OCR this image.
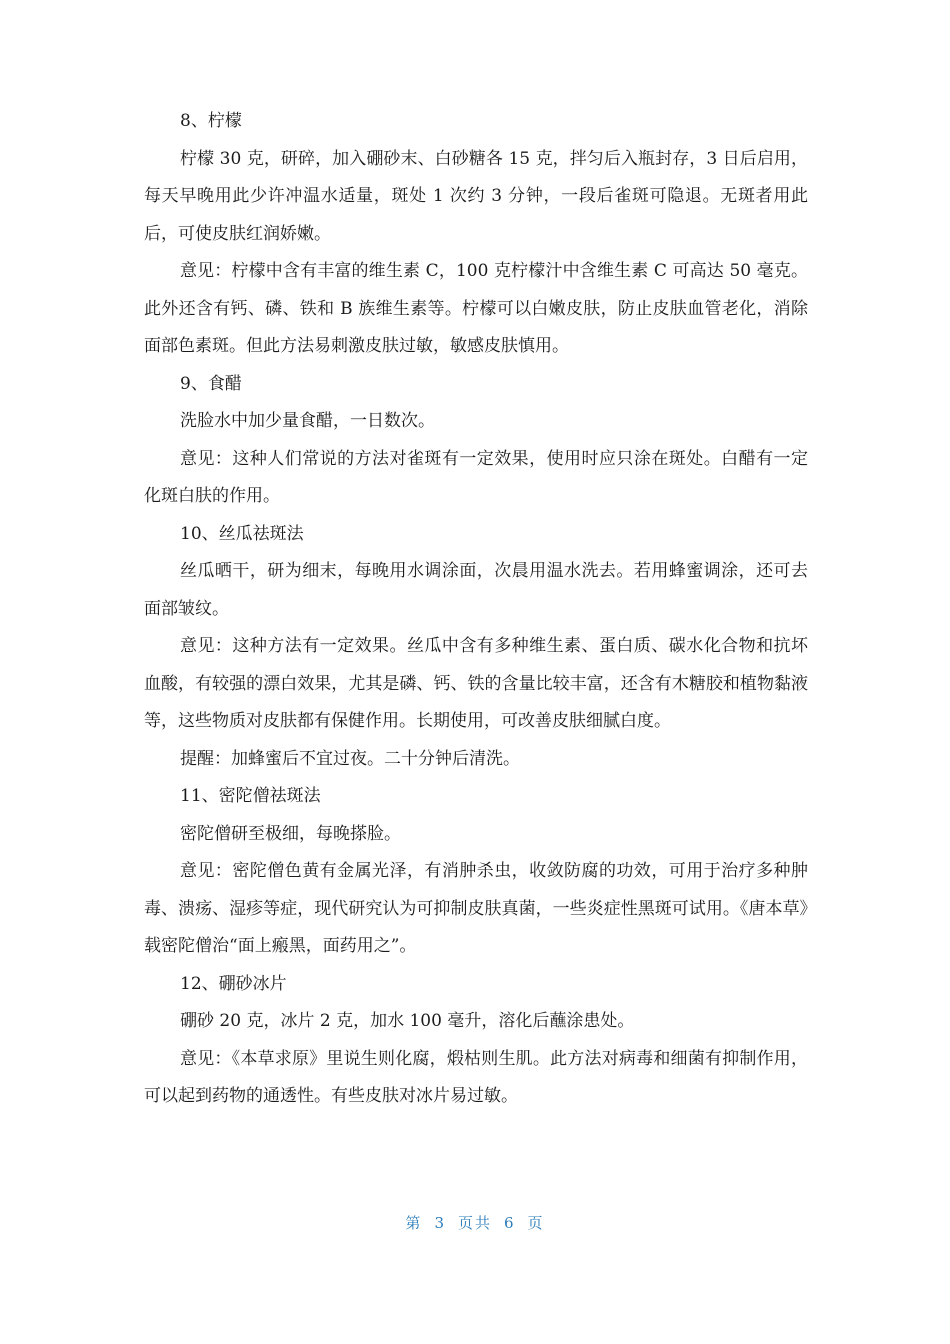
8、柠檬

柠檬 30 克，研碎，加入硼砂末、白砂糖各 15 克，拌匀后入瓶封存，3 日后启用，每天早晚用此少许冲温水适量，斑处 1 次约 3 分钟，一段后雀斑可隐退。无斑者用此后，可使皮肤红润娇嫩。

意见：柠檬中含有丰富的维生素 C，100 克柠檬汁中含维生素 C 可高达 50 毫克。此外还含有钙、磷、铁和 B 族维生素等。柠檬可以白嫩皮肤，防止皮肤血管老化，消除面部色素斑。但此方法易刺激皮肤过敏，敏感皮肤慎用。

9、食醋

洗脸水中加少量食醋，一日数次。

意见：这种人们常说的方法对雀斑有一定效果，使用时应只涂在斑处。白醋有一定化斑白肤的作用。

10、丝瓜祛斑法

丝瓜晒干，研为细末，每晚用水调涂面，次晨用温水洗去。若用蜂蜜调涂，还可去面部皱纹。

意见：这种方法有一定效果。丝瓜中含有多种维生素、蛋白质、碳水化合物和抗坏血酸，有较强的漂白效果，尤其是磷、钙、铁的含量比较丰富，还含有木糖胶和植物黏液等，这些物质对皮肤都有保健作用。长期使用，可改善皮肤细腻白度。

提醒：加蜂蜜后不宜过夜。二十分钟后清洗。

11、密陀僧祛斑法

密陀僧研至极细，每晚搽脸。

意见：密陀僧色黄有金属光泽，有消肿杀虫，收敛防腐的功效，可用于治疗多种肿毒、溃疡、湿疹等症，现代研究认为可抑制皮肤真菌，一些炎症性黑斑可试用。《唐本草》载密陀僧治“面上瘢黑，面药用之”。

12、硼砂冰片

硼砂 20 克，冰片 2 克，加水 100 毫升，溶化后蘸涂患处。

意见：《本草求原》里说生则化腐，煅枯则生肌。此方法对病毒和细菌有抑制作用，可以起到药物的通透性。有些皮肤对冰片易过敏。

第 3 页共 6 页
